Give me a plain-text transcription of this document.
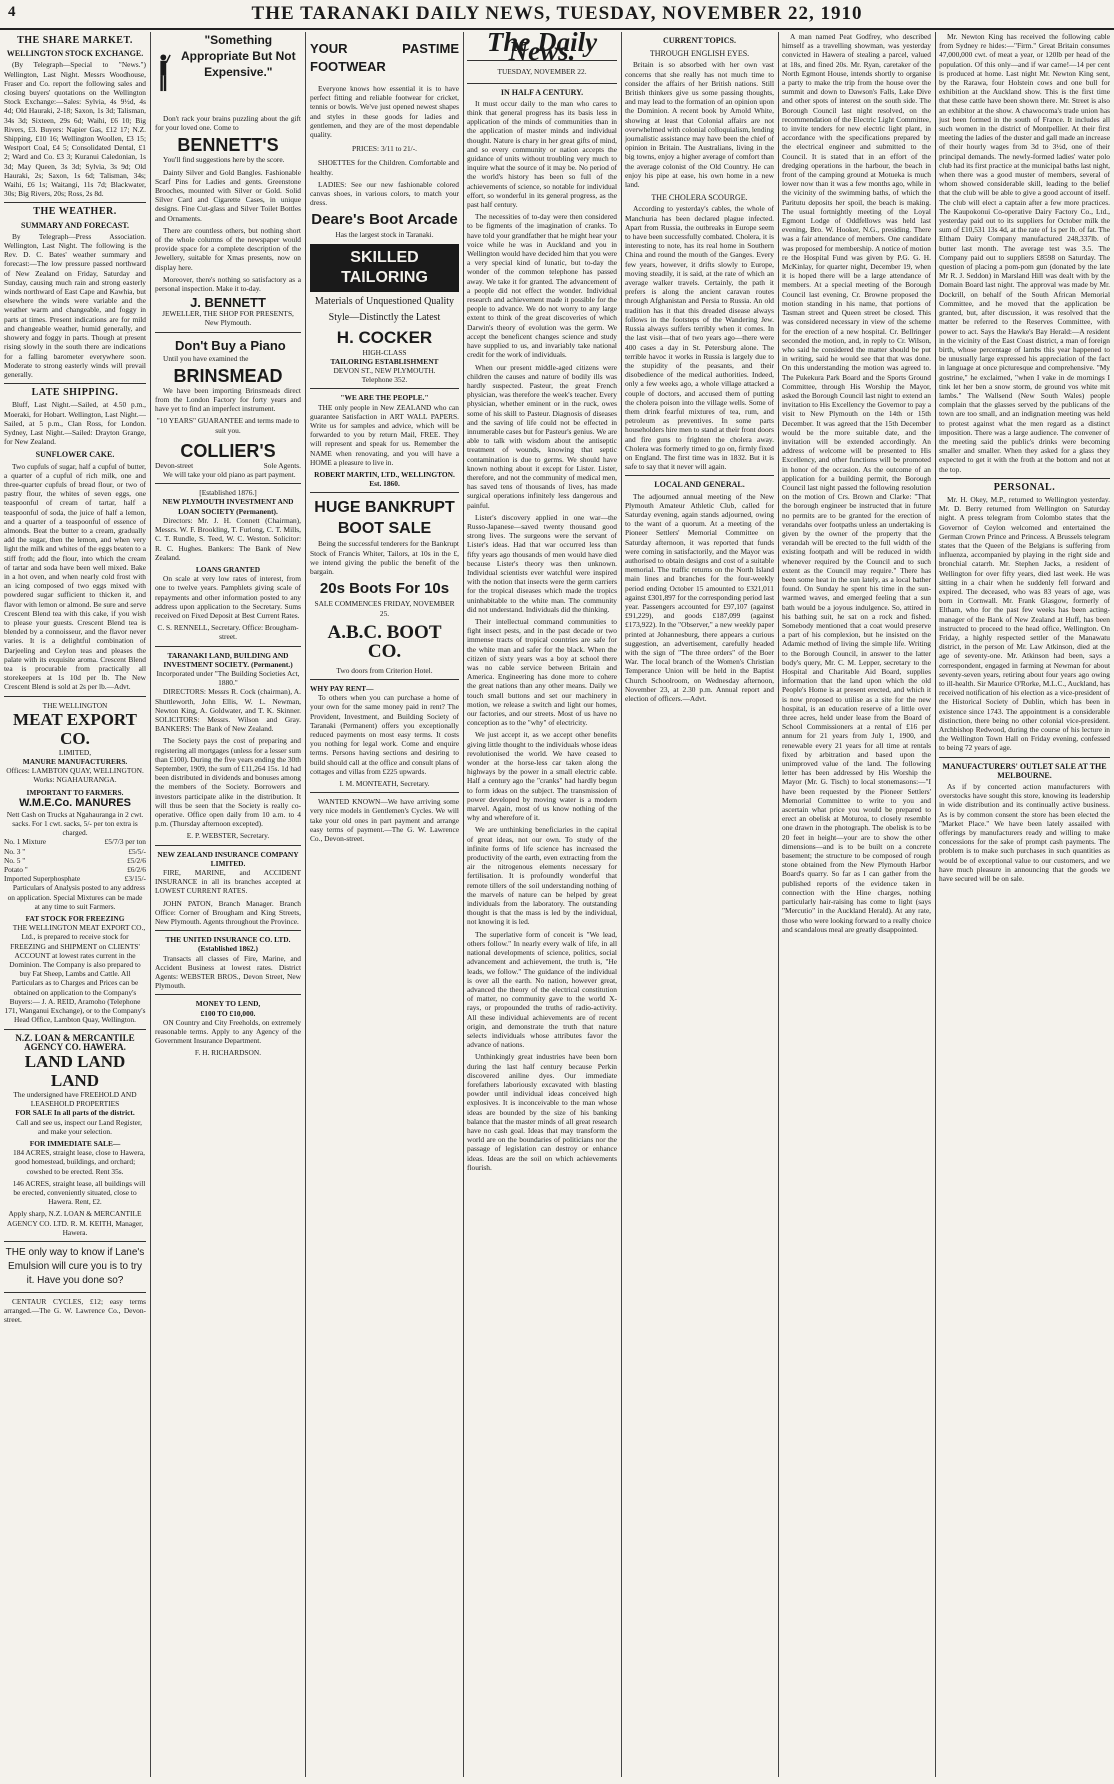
4	THE TARANAKI DAILY NEWS, TUESDAY, NOVEMBER 22, 1910
THE SHARE MARKET.
WELLINGTON STOCK EXCHANGE.

(By Telegraph—Special to "News.") Wellington, Last Night. Messrs Woodhouse, Fraser and Co. report the following sales and closing buyers' quotations on the Wellington Stock Exchange:—Sales: Sylvia, 4s 9½d, 4s 4d; Old Hauraki, 2-18; Saxon, 1s 3d; Talisman, 34s 3d; Sixteen, 29s 6d; Waihi, £6 10; Big Rivers, £3. Buyers: Napier Gas, £12 17; N.Z. Shipping, £10 16; Wellington Woollen, £3 15; Westport Coal, £4 5; Consolidated Dental, £1 2; Ward and Co. £3 3; Kuranui Caledonian, 1s 3d; May Queen, 3s 3d; Sylvia, 3s 9d; Old Hauraki, 2s; Saxon, 1s 6d; Talisman, 34s; Waihi, £6 1s; Waitangi, 11s 7d; Blackwater, 30s; Big Rivers, 20s; Ross, 2s 8d.

THE WEATHER.
SUMMARY AND FORECAST.

By Telegraph—Press Association. Wellington, Last Night. The following is the Rev. D. C. Bates' weather summary and forecast:—The low pressure passed northward of New Zealand on Friday, Saturday and Sunday, causing much rain and strong easterly winds northward of East Cape and Kawhia, but elsewhere the winds were variable and the weather warm and changeable, and foggy in parts at times. Present indications are for mild and changeable weather, humid generally, and showery and foggy in parts. Though at present rising slowly in the south there are indications for a falling barometer everywhere soon. Moderate to strong easterly winds will prevail generally.

LATE SHIPPING.

Bluff, Last Night.—Sailed, at 4.50 p.m., Moeraki, for Hobart. Wellington, Last Night.—Sailed, at 5 p.m., Clan Ross, for London. Sydney, Last Night.—Sailed: Drayton Grange, for New Zealand.

SUNFLOWER CAKE.

Two cupfuls of sugar, half a cupful of butter, a quarter of a cupful of rich milk, one and three-quarter cupfuls of bread flour, or two of pastry flour, the whites of seven eggs, one teaspoonful of cream of tartar, half a teaspoonful of soda, the juice of half a lemon, and a quarter of a teaspoonful of essence of almonds. Beat the butter to a cream, gradually add the sugar, then the lemon, and when very light the milk and whites of the eggs beaten to a stiff froth; add the flour, into which the cream of tartar and soda have been well mixed. Bake in a hot oven, and when nearly cold frost with an icing composed of two eggs mixed with powdered sugar sufficient to thicken it, and flavor with lemon or almond. Be sure and serve Crescent Blend tea with this cake, if you wish to please your guests. Crescent Blend tea is blended by a connoisseur, and the flavor never varies. It is a delightful combination of Darjeeling and Ceylon teas and pleases the palate with its exquisite aroma. Crescent Blend tea is procurable from practically all storekeepers at 1s 10d per lb. The New Crescent Blend is sold at 2s per lb.—Advt.

THE WELLINGTON
MEAT EXPORT CO.
LIMITED,
MANURE MANUFACTURERS.
Offices: LAMBTON QUAY, WELLINGTON. Works: NGAHAURANGA.
IMPORTANT TO FARMERS.
W.M.E.Co. MANURES
Nett Cash on Trucks at Ngahauranga in 2 cwt. sacks. For 1 cwt. sacks, 5/- per ton extra is charged.
No. 1 Mixture	£5/7/3 per ton
No. 3 "	£5/5/-
No. 5 "	£5/2/6
Potato "	£6/2/6
Imported Superphosphate	£3/15/-

Particulars of Analysis posted to any address on application. Special Mixtures can be made at any time to suit Farmers.

FAT STOCK FOR FREEZING

THE WELLINGTON MEAT EXPORT CO., Ltd., is prepared to receive stock for FREEZING and SHIPMENT on CLIENTS' ACCOUNT at lowest rates current in the Dominion. The Company is also prepared to buy Fat Sheep, Lambs and Cattle. All Particulars as to Charges and Prices can be obtained on application to the Company's Buyers:— J. A. REID, Aramoho (Telephone 171, Wanganui Exchange), or to the Company's Head Office, Lambton Quay, Wellington.

N.Z. LOAN & MERCANTILE AGENCY CO. HAWERA.
LAND LAND LAND
The undersigned have FREEHOLD AND LEASEHOLD PROPERTIES
FOR SALE In all parts of the district.

Call and see us, inspect our Land Register, and make your selection.

FOR IMMEDIATE SALE—

184 ACRES, straight lease, close to Hawera, good homestead, buildings, and orchard; cowshed to be erected. Rent 35s.

146 ACRES, straight lease, all buildings will be erected, conveniently situated, close to Hawera. Rent, £2.

Apply sharp, N.Z. LOAN & MERCANTILE AGENCY CO. LTD. R. M. KEITH, Manager, Hawera.
THE only way to know if Lane's Emulsion will cure you is to try it. Have you done so?

CENTAUR CYCLES, £12; easy terms arranged.—The G. W. Lawrence Co., Devon-street.

"Something Appropriate But Not Expensive."

Don't rack your brains puzzling about the gift for your loved one. Come to

BENNETT'S

You'll find suggestions here by the score.

Dainty Silver and Gold Bangles. Fashionable Scarf Pins for Ladies and gents. Greenstone Brooches, mounted with Silver or Gold. Solid Silver Card and Cigarette Cases, in unique designs. Fine Cut-glass and Silver Toilet Bottles and Ornaments.

There are countless others, but nothing short of the whole columns of the newspaper would provide space for a complete description of the Jewellery, suitable for Xmas presents, now on display here.

Moreover, there's nothing so satisfactory as a personal inspection. Make it to-day.

J. BENNETT
JEWELLER, THE SHOP FOR PRESENTS, New Plymouth.
Don't Buy a Piano

Until you have examined the

BRINSMEAD

We have been importing Brinsmeads direct from the London Factory for forty years and have yet to find an imperfect instrument.

"10 YEARS" GUARANTEE and terms made to suit you.
COLLIER'S
Devon-street	Sole Agents.

We will take your old piano as part payment.

[Established 1876.]
NEW PLYMOUTH INVESTMENT AND LOAN SOCIETY (Permanent).

Directors: Mr. J. H. Connett (Chairman), Messrs. W. F. Brookling, T. Furlong, C. T. Mills, C. T. Rundle, S. Teed, W. C. Weston. Solicitor: R. C. Hughes. Bankers: The Bank of New Zealand.

LOANS GRANTED

On scale at very low rates of interest, from one to twelve years. Pamphlets giving scale of repayments and other information posted to any address upon application to the Secretary. Sums received on Fixed Deposit at Best Current Rates.

C. S. RENNELL, Secretary. Office: Brougham-street.
TARANAKI LAND, BUILDING AND INVESTMENT SOCIETY. (Permanent.)
Incorporated under "The Building Societies Act, 1880."

DIRECTORS: Messrs R. Cock (chairman), A. Shuttleworth, John Ellis, W. L. Newman, Newton King, A. Goldwater, and T. K. Skinner. SOLICITORS: Messrs. Wilson and Gray. BANKERS: The Bank of New Zealand.

The Society pays the cost of preparing and registering all mortgages (unless for a lesser sum than £100). During the five years ending the 30th September, 1909, the sum of £11,264 15s. 1d had been distributed in dividends and bonuses among the members of the Society. Borrowers and investors participate alike in the distribution. It will thus be seen that the Society is really co-operative. Office open daily from 10 a.m. to 4 p.m. (Thursday afternoon excepted).

E. P. WEBSTER, Secretary.
NEW ZEALAND INSURANCE COMPANY LIMITED.

FIRE, MARINE, and ACCIDENT INSURANCE in all its branches accepted at LOWEST CURRENT RATES.

JOHN PATON, Branch Manager. Branch Office: Corner of Brougham and King Streets, New Plymouth. Agents throughout the Province.

THE UNITED INSURANCE CO. LTD. (Established 1862.)

Transacts all classes of Fire, Marine, and Accident Business at lowest rates. District Agents: WEBSTER BROS., Devon Street, New Plymouth.

MONEY TO LEND,
£100 TO £10,000.

ON Country and City Freeholds, on extremely reasonable terms. Apply to any Agency of the Government Insurance Department.

F. H. RICHARDSON.
YOUR PASTIME FOOTWEAR

Everyone knows how essential it is to have perfect fitting and reliable footwear for cricket, tennis or bowls. We've just opened newest shapes and styles in these goods for ladies and gentlemen, and they are of the most dependable quality.

PRICES: 3/11 to 21/-.

SHOETTES for the Children. Comfortable and healthy.

LADIES: See our new fashionable colored canvas shoes, in various colors, to match your dress.

Deare's Boot Arcade
Has the largest stock in Taranaki.
SKILLED TAILORING
Materials of Unquestioned Quality
Style—Distinctly the Latest
H. COCKER
HIGH-CLASS
TAILORING ESTABLISHMENT
DEVON ST., NEW PLYMOUTH.
Telephone 352.
"WE ARE THE PEOPLE."

THE only people in New ZEALAND who can guarantee Satisfaction in ART WALL PAPERS. Write us for samples and advice, which will be forwarded to you by return Mail, FREE. They will represent and speak for us. Remember the NAME when renovating, and you will have a HOME a pleasure to live in.

ROBERT MARTIN, LTD., WELLINGTON. Est. 1860.
HUGE BANKRUPT BOOT SALE

Being the successful tenderers for the Bankrupt Stock of Francis Whiter, Tailors, at 10s in the £, we intend giving the public the benefit of the bargain.

20s Boots For 10s
SALE COMMENCES FRIDAY, NOVEMBER 25.
A.B.C. BOOT CO.
Two doors from Criterion Hotel.
WHY PAY RENT—

To others when you can purchase a home of your own for the same money paid in rent? The Provident, Investment, and Building Society of Taranaki (Permanent) offers you exceptionally reduced payments on most easy terms. It costs you nothing for legal work. Come and enquire terms. Persons having sections and desiring to build should call at the office and consult plans of cottages and villas from £225 upwards.

I. M. MONTEATH, Secretary.

WANTED KNOWN—We have arriving some very nice models in Gentlemen's Cycles. We will take your old ones in part payment and arrange easy terms of payment.—The G. W. Lawrence Co., Devon-street.

The Daily News.
TUESDAY, NOVEMBER 22.
IN HALF A CENTURY.

It must occur daily to the man who cares to think that general progress has its basis less in application of the minds of communities than in the application of master minds and individual thought. Nature is chary in her great gifts of mind, and so every community or nation accepts the guidance of units without troubling very much to inquire what the source of it may be. No period of the world's history has been so full of the achievements of science, so notable for individual effort, so wonderful in its general progress, as the past half century.

The necessities of to-day were then considered to be figments of the imagination of cranks. To have told your grandfather that he might hear your voice while he was in Auckland and you in Wellington would have decided him that you were a very special kind of lunatic, but to-day the wonder of the common telephone has passed away. We take it for granted. The advancement of a people did not effect the wonder. Individual research and achievement made it possible for the people to advance. We do not worry to any large extent to think of the great discoveries of which Darwin's theory of evolution was the germ. We accept the beneficent changes science and study have supplied to us, and invariably take national credit for the work of individuals.

When our present middle-aged citizens were children the causes and nature of bodily ills was hardly suspected. Pasteur, the great French physician, was therefore the week's teacher. Every physician, whether eminent or in the ruck, owes some of his skill to Pasteur. Diagnosis of diseases and the saving of life could not be effected in innumerable cases but for Pasteur's genius. We are able to talk with wisdom about the antiseptic treatment of wounds, knowing that septic contamination is due to germs. We should have known nothing about it except for Lister. Lister, therefore, and not the community of medical men, has saved tens of thousands of lives, has made surgical operations infinitely less dangerous and painful.

Lister's discovery applied in one war—the Russo-Japanese—saved twenty thousand good strong lives. The surgeons were the servant of Lister's ideas. Had that war occurred less than fifty years ago thousands of men would have died because Lister's theory was then unknown. Individual scientists ever watchful were inspired with the notion that insects were the germ carriers for the tropical diseases which made the tropics uninhabitable to the white man. The community did not understand. Individuals did the thinking.

Their intellectual command communities to fight insect pests, and in the past decade or two immense tracts of tropical countries are safe for the white man and safer for the black. When the citizen of sixty years was a boy at school there was no cable service between Britain and America. Engineering has done more to cohere the great nations than any other means. Daily we touch small buttons and set our machinery in motion, we release a switch and light our homes, our factories, and our streets. Most of us have no conception as to the "why" of electricity.

We just accept it, as we accept other benefits giving little thought to the individuals whose ideas revolutionised the world. We have ceased to wonder at the horse-less car taken along the highways by the power in a small electric cable. Half a century ago the "cranks" had hardly begun to form ideas on the subject. The transmission of power developed by moving water is a modern marvel. Again, most of us know nothing of the why and wherefore of it.

We are unthinking beneficiaries in the capital of great ideas, not our own. To study of the infinite forms of life science has increased the productivity of the earth, even extracting from the air the nitrogenous elements necessary for fertilisation. It is profoundly wonderful that remote tillers of the soil understanding nothing of the marvels of nature can be helped by great individuals from the laboratory. The outstanding thought is that the mass is led by the individual, not knowing it is led.

The superlative form of conceit is "We lead, others follow." In nearly every walk of life, in all national developments of science, politics, social advancement and achievement, the truth is, "He leads, we follow." The guidance of the individual is over all the earth. No nation, however great, advanced the theory of the electrical constitution of matter, no community gave to the world X-rays, or propounded the truths of radio-activity. All these individual achievements are of recent origin, and demonstrate the truth that nature selects individuals whose attributes favor the advance of nations.

Unthinkingly great industries have been born during the last half century because Perkin discovered aniline dyes. Our immediate forefathers laboriously excavated with blasting powder until individual ideas conceived high explosives. It is inconceivable to the man whose ideas are bounded by the size of his banking balance that the master minds of all great research have no cash goal. Ideas that may transform the world are on the boundaries of politicians nor the passage of legislation can destroy or enhance ideas. Ideas are the soil on which achievements flourish.

CURRENT TOPICS.
THROUGH ENGLISH EYES.

Britain is so absorbed with her own vast concerns that she really has not much time to consider the affairs of her British nations. Still British thinkers give us some passing thoughts, and may lead to the formation of an opinion upon the Dominion. A recent book by Arnold White, showing at least that Colonial affairs are not overwhelmed with colonial colloquialism, lending journalistic assistance may have been the chief of opinion in Britain. The Australians, living in the big towns, enjoy a higher average of comfort than the average colonist of the Old Country. He can enjoy his pipe at ease, his own home in a new land.

THE CHOLERA SCOURGE.

According to yesterday's cables, the whole of Manchuria has been declared plague infected. Apart from Russia, the outbreaks in Europe seem to have been successfully combated. Cholera, it is interesting to note, has its real home in Southern China and round the mouth of the Ganges. Every few years, however, it drifts slowly to Europe, moving steadily, it is said, at the rate of which an average walker travels. Certainly, the path it prefers is along the ancient caravan routes through Afghanistan and Persia to Russia. An old tradition has it that this dreaded disease always follows in the footsteps of the Wandering Jew. Russia always suffers terribly when it comes. In the last visit—that of two years ago—there were 400 cases a day in St. Petersburg alone. The terrible havoc it works in Russia is largely due to the stupidity of the peasants, and their disobedience of the medical authorities. Indeed, only a few weeks ago, a whole village attacked a couple of doctors, and accused them of putting the cholera poison into the village wells. Some of them drink fearful mixtures of tea, rum, and petroleum as preventives. In some parts householders hire men to stand at their front doors and fire guns to frighten the cholera away. Cholera was formerly timed to go on, firmly fixed on England. The first time was in 1832. But it is safe to say that it never will again.

LOCAL AND GENERAL.

The adjourned annual meeting of the New Plymouth Amateur Athletic Club, called for Saturday evening, again stands adjourned, owing to the want of a quorum. At a meeting of the Pioneer Settlers' Memorial Committee on Saturday afternoon, it was reported that funds were coming in satisfactorily, and the Mayor was authorised to obtain designs and cost of a suitable memorial. The traffic returns on the North Island main lines and branches for the four-weekly period ending October 15 amounted to £321,011 against £301,897 for the corresponding period last year. Passengers accounted for £97,107 (against £91,229), and goods £187,099 (against £173,922). In the "Observer," a new weekly paper printed at Johannesburg, there appears a curious suggestion, an advertisement, carefully headed with the sign of "The three orders" of the Boer War. The local branch of the Women's Christian Temperance Union will be held in the Baptist Church Schoolroom, on Wednesday afternoon, November 23, at 2.30 p.m. Annual report and election of officers.—Advt.

A man named Peat Godfrey, who described himself as a travelling showman, was yesterday convicted in Hawera of stealing a parcel, valued at 18s, and fined 20s. Mr. Ryan, caretaker of the North Egmont House, intends shortly to organise a party to make the trip from the house over the summit and down to Dawson's Falls, Lake Dive and other spots of interest on the south side. The Borough Council last night resolved, on the recommendation of the Electric Light Committee, to invite tenders for new electric light plant, in accordance with the specifications prepared by the electrical engineer and submitted to the Council. It is stated that in an effort of the dredging operations in the harbour, the beach in front of the camping ground at Motueka is much lower now than it was a few months ago, while in the vicinity of the swimming baths, of which the Paritutu deposits her spoil, the beach is making. The usual fortnightly meeting of the Loyal Egmont Lodge of Oddfellows was held last evening, Bro. W. Hooker, N.G., presiding. There was a fair attendance of members. One candidate was proposed for membership. A notice of motion re the Hospital Fund was given by P.G. G. H. McKinlay, for quarter night, December 19, when it is hoped there will be a large attendance of members. At a special meeting of the Borough Council last evening, Cr. Browne proposed the motion standing in his name, that portions of Tasman street and Queen street be closed. This was considered necessary in view of the scheme for the erection of a new hospital. Cr. Bellringer seconded the motion, and, in reply to Cr. Wilson, who said he considered the matter should be put in writing, said he would see that that was done. On this understanding the motion was agreed to. The Pukekura Park Board and the Sports Ground Committee, through His Worship the Mayor, asked the Borough Council last night to extend an invitation to His Excellency the Governor to pay a visit to New Plymouth on the 14th or 15th December. It was agreed that the 15th December would be the more suitable date, and the invitation will be extended accordingly. An address of welcome will be presented to His Excellency, and other functions will be promoted in honor of the occasion. As the outcome of an application for a building permit, the Borough Council last night passed the following resolution on the motion of Crs. Brown and Clarke: "That the borough engineer be instructed that in future no permits are to be granted for the erection of verandahs over footpaths unless an undertaking is given by the owner of the property that the verandah will be erected to the full width of the existing footpath and will be reduced in width whenever required by the Council and to such extent as the Council may require." There has been some heat in the sun lately, as a local bather found. On Sunday he spent his time in the sun-warmed waves, and emerged feeling that a sun bath would be a joyous indulgence. So, attired in his bathing suit, he sat on a rock and fished. Somebody mentioned that a coat would preserve a part of his complexion, but he insisted on the Adamic method of living the simple life. Writing to the Borough Council, in answer to the latter body's query, Mr. C. M. Lepper, secretary to the Hospital and Charitable Aid Board, supplies information that the land upon which the old People's Home is at present erected, and which it is now proposed to utilise as a site for the new hospital, is an education reserve of a little over three acres, held under lease from the Board of School Commissioners at a rental of £16 per annum for 21 years from July 1, 1900, and renewable every 21 years for all time at rentals fixed by arbitration and based upon the unimproved value of the land. The following letter has been addressed by His Worship the Mayor (Mr. G. Tisch) to local stonemasons:—"I have been requested by the Pioneer Settlers' Memorial Committee to write to you and ascertain what price you would be prepared to erect an obelisk at Moturoa, to closely resemble one drawn in the photograph. The obelisk is to be 20 feet in height—your are to show the other dimensions—and is to be built on a concrete basement; the structure to be composed of rough stone obtained from the New Plymouth Harbor Board's quarry. So far as I can gather from the published reports of the evidence taken in connection with the Hine charges, nothing particularly hair-raising has come to light (says "Mercutio" in the Auckland Herald). At any rate, those who were looking forward to a really choice and scandalous meal are greatly disappointed.

Mr. Newton King has received the following cable from Sydney re hides:—"Firm." Great Britain consumes 47,000,000 cwt. of meat a year, or 120lb per head of the population. Of this only—and if war came!—14 per cent is produced at home. Last night Mr. Newton King sent, by the Rarawa, four Holstein cows and one bull for exhibition at the Auckland show. This is the first time that these cattle have been shown there. Mr. Street is also an exhibitor at the show. A chawocoma's trade union has just been formed in the south of France. It includes all such women in the district of Montpellier. At their first meeting the ladies of the duster and gall made an increase of their hourly wages from 3d to 3½d, one of their principal demands. The newly-formed ladies' water polo club had its first practice at the municipal baths last night, when there was a good muster of members, several of whom showed considerable skill, leading to the belief that the club will be able to give a good account of itself. The club will elect a captain after a few more practices. The Kaupokonui Co-operative Dairy Factory Co., Ltd., yesterday paid out to its suppliers for October milk the sum of £10,531 13s 4d, at the rate of 1s per lb. of fat. The Eltham Dairy Company manufactured 248,337lb. of butter last month. The average test was 3.5. The Company paid out to suppliers £8598 on Saturday. The question of placing a pom-pom gun (donated by the late Mr R. J. Seddon) in Marsland Hill was dealt with by the Domain Board last night. The approval was made by Mr. Dockrill, on behalf of the South African Memorial Committee, and he moved that the application be granted, but, after discussion, it was resolved that the matter be referred to the Reserves Committee, with power to act. Says the Hawke's Bay Herald:—A resident in the vicinity of the East Coast district, a man of foreign birth, whose percentage of lambs this year happened to be unusually large expressed his appreciation of the fact in language at once picturesque and comprehensive. "My gostrine," he exclaimed, "when I vake in de mornings I tink let her ben a snow storm, de ground vos white mit lambs." The Wallsend (New South Wales) people complain that the glasses served by the publicans of the town are too small, and an indignation meeting was held to protest against what the men regard as a distinct imposition. There was a large audience. The convener of the meeting said the public's drinks were becoming smaller and smaller. When they asked for a glass they expected to get it with the froth at the bottom and not at the top.

PERSONAL.

Mr. H. Okey, M.P., returned to Wellington yesterday. Mr. D. Berry returned from Wellington on Saturday night. A press telegram from Colombo states that the Governor of Ceylon welcomed and entertained the German Crown Prince and Princess. A Brussels telegram states that the Queen of the Belgians is suffering from influenza, accompanied by playing in the right side and bronchial catarrh. Mr. Stephen Jacks, a resident of Wellington for over fifty years, died last week. He was sitting in a chair when he suddenly fell forward and expired. The deceased, who was 83 years of age, was born in Cornwall. Mr. Frank Glasgow, formerly of Eltham, who for the past few weeks has been acting-manager of the Bank of New Zealand at Huff, has been instructed to proceed to the head office, Wellington. On Friday, a highly respected settler of the Manawatu district, in the person of Mr. Law Atkinson, died at the age of seventy-one. Mr. Atkinson had been, says a correspondent, engaged in farming at Newman for about seventy-seven years, retiring about four years ago owing to ill-health. Sir Maurice O'Rorke, M.L.C., Auckland, has received notification of his election as a vice-president of the Historical Society of Dublin, which has been in existence since 1743. The appointment is a considerable distinction, there being no other colonial vice-president. Archbishop Redwood, during the course of his lecture in the Wellington Town Hall on Friday evening, confessed to being 72 years of age.

MANUFACTURERS' OUTLET SALE AT THE MELBOURNE.

As if by concerted action manufacturers with overstocks have sought this store, knowing its leadership in wide distribution and its continually active business. As is by common consent the store has been elected the "Market Place." We have been lately assailed with offerings by manufacturers ready and willing to make concessions for the sake of prompt cash payments. The problem is to make such purchases in such quantities as would be of exceptional value to our customers, and we have much pleasure in announcing that the goods we have secured will be on sale.
